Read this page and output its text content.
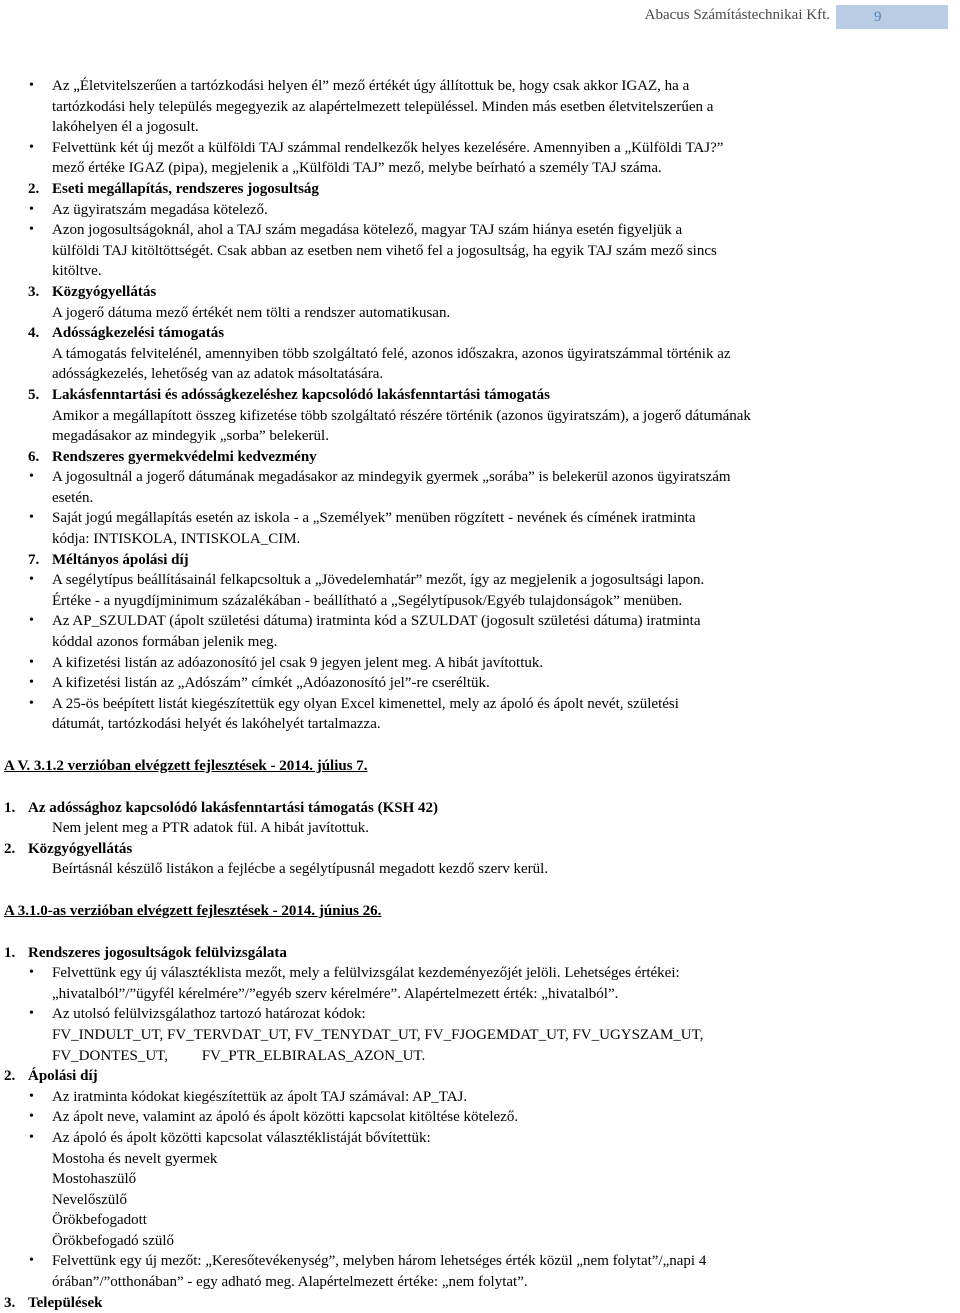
Abacus Számítástechnikai Kft.	9
• Az „Életvitelszerűen a tartózkodási helyen él” mező értékét úgy állítottuk be, hogy csak akkor IGAZ, ha a
tartózkodási hely település megegyezik az alapértelmezett településsel. Minden más esetben életvitelszerűen a
lakóhelyen él a jogosult.
• Felvettünk két új mezőt a külföldi TAJ számmal rendelkezők helyes kezelésére. Amennyiben a „Külföldi TAJ?”
mező értéke IGAZ (pipa), megjelenik a „Külföldi TAJ” mező, melybe beírható a személy TAJ száma.
2. Eseti megállapítás, rendszeres jogosultság
• Az ügyiratszám megadása kötelező.
• Azon jogosultságoknál, ahol a TAJ szám megadása kötelező, magyar TAJ szám hiánya esetén figyeljük a
külföldi TAJ kitöltöttségét. Csak abban az esetben nem vihető fel a jogosultság, ha egyik TAJ szám mező sincs
kitöltve.
3. Közgyógyellátás
A jogerő dátuma mező értékét nem tölti a rendszer automatikusan.
4. Adósságkezelési támogatás
A támogatás felvitelénél, amennyiben több szolgáltató felé, azonos időszakra, azonos ügyiratszámmal történik az
adósságkezelés, lehetőség van az adatok másoltatására.
5. Lakásfenntartási és adósságkezeléshez kapcsolódó lakásfenntartási támogatás
Amikor a megállapított összeg kifizetése több szolgáltató részére történik (azonos ügyiratszám), a jogerő dátumának
megadásakor az mindegyik „sorba” belekerül.
6. Rendszeres gyermekvédelmi kedvezmény
• A jogosultnál a jogerő dátumának megadásakor az mindegyik gyermek „sorába” is belekerül azonos ügyiratszám
esetén.
• Saját jogú megállapítás esetén az iskola - a „Személyek” menüben rögzített - nevének és címének iratminta
kódja: INTISKOLA, INTISKOLA_CIM.
7. Méltányos ápolási díj
• A segélytípus beállításainál felkapcsoltuk a „Jövedelemhatár” mezőt, így az megjelenik a jogosultsági lapon.
Értéke - a nyugdíjminimum százalékában - beállítható a „Segélytípusok/Egyéb tulajdonságok” menüben.
• Az AP_SZULDAT (ápolt születési dátuma) iratminta kód a SZULDAT (jogosult születési dátuma) iratminta
kóddal azonos formában jelenik meg.
• A kifizetési listán az adóazonosító jel csak 9 jegyen jelent meg. A hibát javítottuk.
• A kifizetési listán az „Adószám” címkét „Adóazonosító jel”-re cseréltük.
• A 25-ös beépített listát kiegészítettük egy olyan Excel kimenettel, mely az ápoló és ápolt nevét, születési
dátumát, tartózkodási helyét és lakóhelyét tartalmazza.
A V. 3.1.2 verzióban elvégzett fejlesztések - 2014. július 7.
1. Az adóssághoz kapcsolódó lakásfenntartási támogatás (KSH 42)
Nem jelent meg a PTR adatok fül. A hibát javítottuk.
2. Közgyógyellátás
Beírtásnál készülő listákon a fejlécbe a segélytípusnál megadott kezdő szerv kerül.
A 3.1.0-as verzióban elvégzett fejlesztések - 2014. június 26.
1. Rendszeres jogosultságok felülvizsgálata
• Felvettünk egy új választéklista mezőt, mely a felülvizsgálat kezdeményezőjét jelöli. Lehetséges értékei:
„hivatalból”/”ügyfél kérelmére”/”egyéb szerv kérelmére”. Alapértelmezett érték: „hivatalból”.
• Az utolsó felülvizsgálathoz tartozó határozat kódok:
FV_INDULT_UT, FV_TERVDAT_UT, FV_TENYDAT_UT, FV_FJOGEMDAT_UT, FV_UGYSZAM_UT,
FV_DONTES_UT,         FV_PTR_ELBIRALAS_AZON_UT.
2. Ápolási díj
• Az iratminta kódokat kiegészítettük az ápolt TAJ számával: AP_TAJ.
• Az ápolt neve, valamint az ápoló és ápolt közötti kapcsolat kitöltése kötelező.
• Az ápoló és ápolt közötti kapcsolat választéklistáját bővítettük:
Mostoha és nevelt gyermek
Mostohaszülő
Nevelőszülő
Örökbefogadott
Örökbefogadó szülő
• Felvettünk egy új mezőt: „Keresőtevékenység”, melyben három lehetséges érték közül „nem folytat”/„napi 4
órában”/”otthonában” - egy adható meg. Alapértelmezett értéke: „nem folytat”.
3. Települések
